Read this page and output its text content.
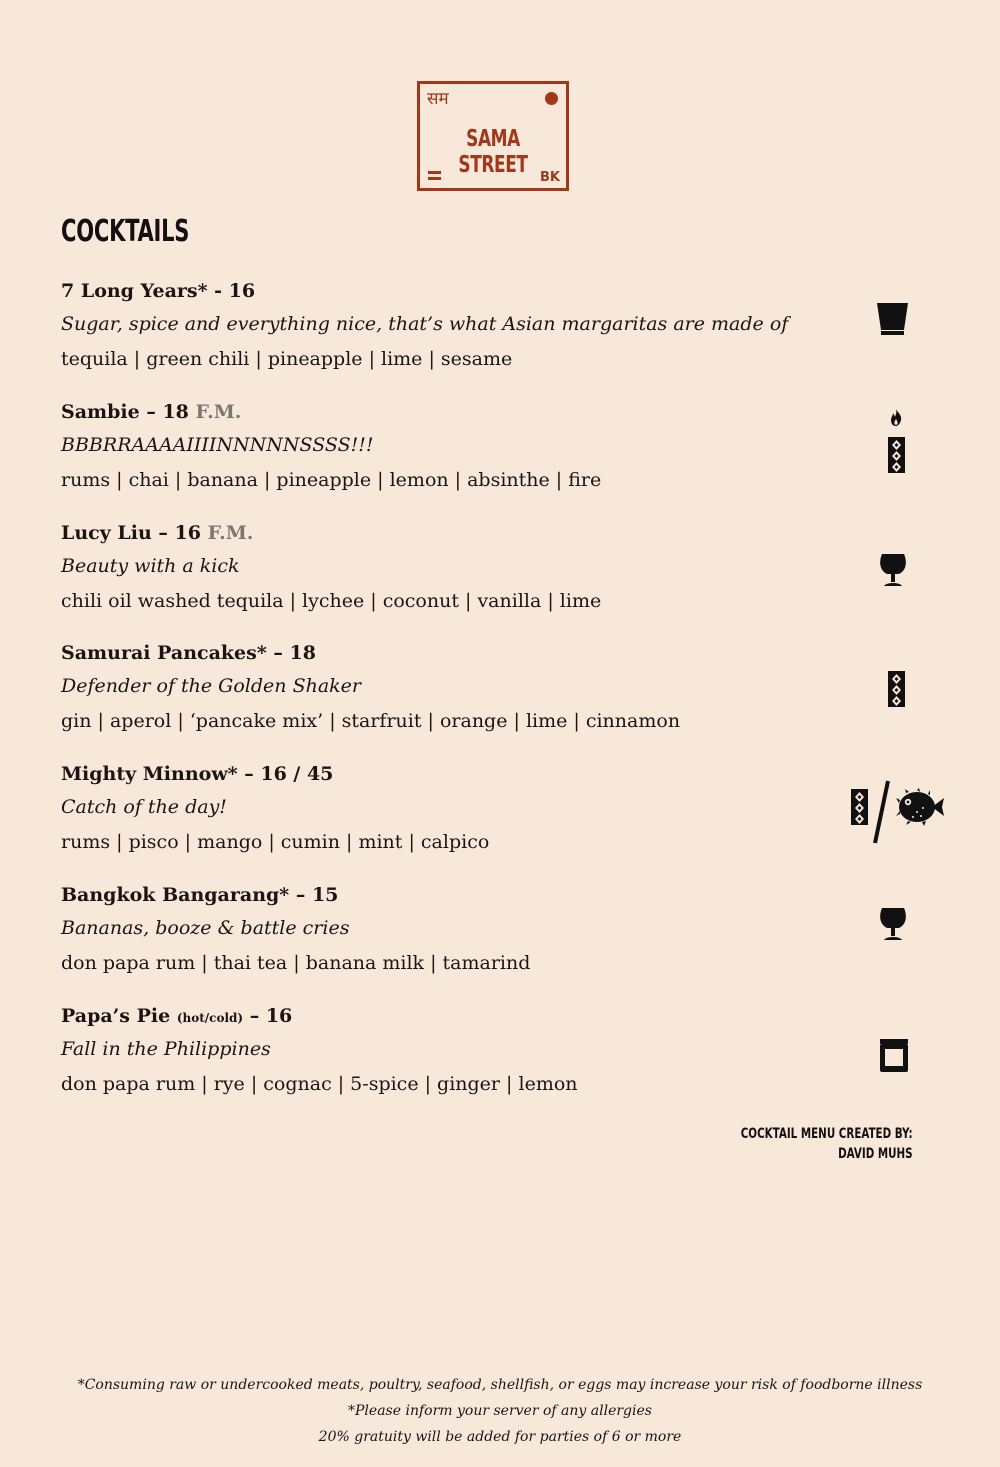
सम
SAMA STREET BK
COCKTAILS
7 Long Years* - 16
Sugar, spice and everything nice, that’s what Asian margaritas are made of
tequila | green chili | pineapple | lime | sesame
Sambie – 18 F.M.
BBBRRAAAAIIIINNNNNSSSS!!!
rums | chai | banana | pineapple | lemon | absinthe | fire
Lucy Liu – 16 F.M.
Beauty with a kick
chili oil washed tequila | lychee | coconut | vanilla | lime
Samurai Pancakes* – 18
Defender of the Golden Shaker
gin | aperol | ‘pancake mix’ | starfruit | orange | lime | cinnamon
Mighty Minnow* – 16 / 45
Catch of the day!
rums | pisco | mango | cumin | mint | calpico
Bangkok Bangarang* – 15
Bananas, booze & battle cries
don papa rum | thai tea | banana milk | tamarind
Papa’s Pie (hot/cold) – 16
Fall in the Philippines
don papa rum | rye | cognac | 5-spice | ginger | lemon
COCKTAIL MENU CREATED BY:
DAVID MUHS
*Consuming raw or undercooked meats, poultry, seafood, shellfish, or eggs may increase your risk of foodborne illness
*Please inform your server of any allergies
20% gratuity will be added for parties of 6 or more
